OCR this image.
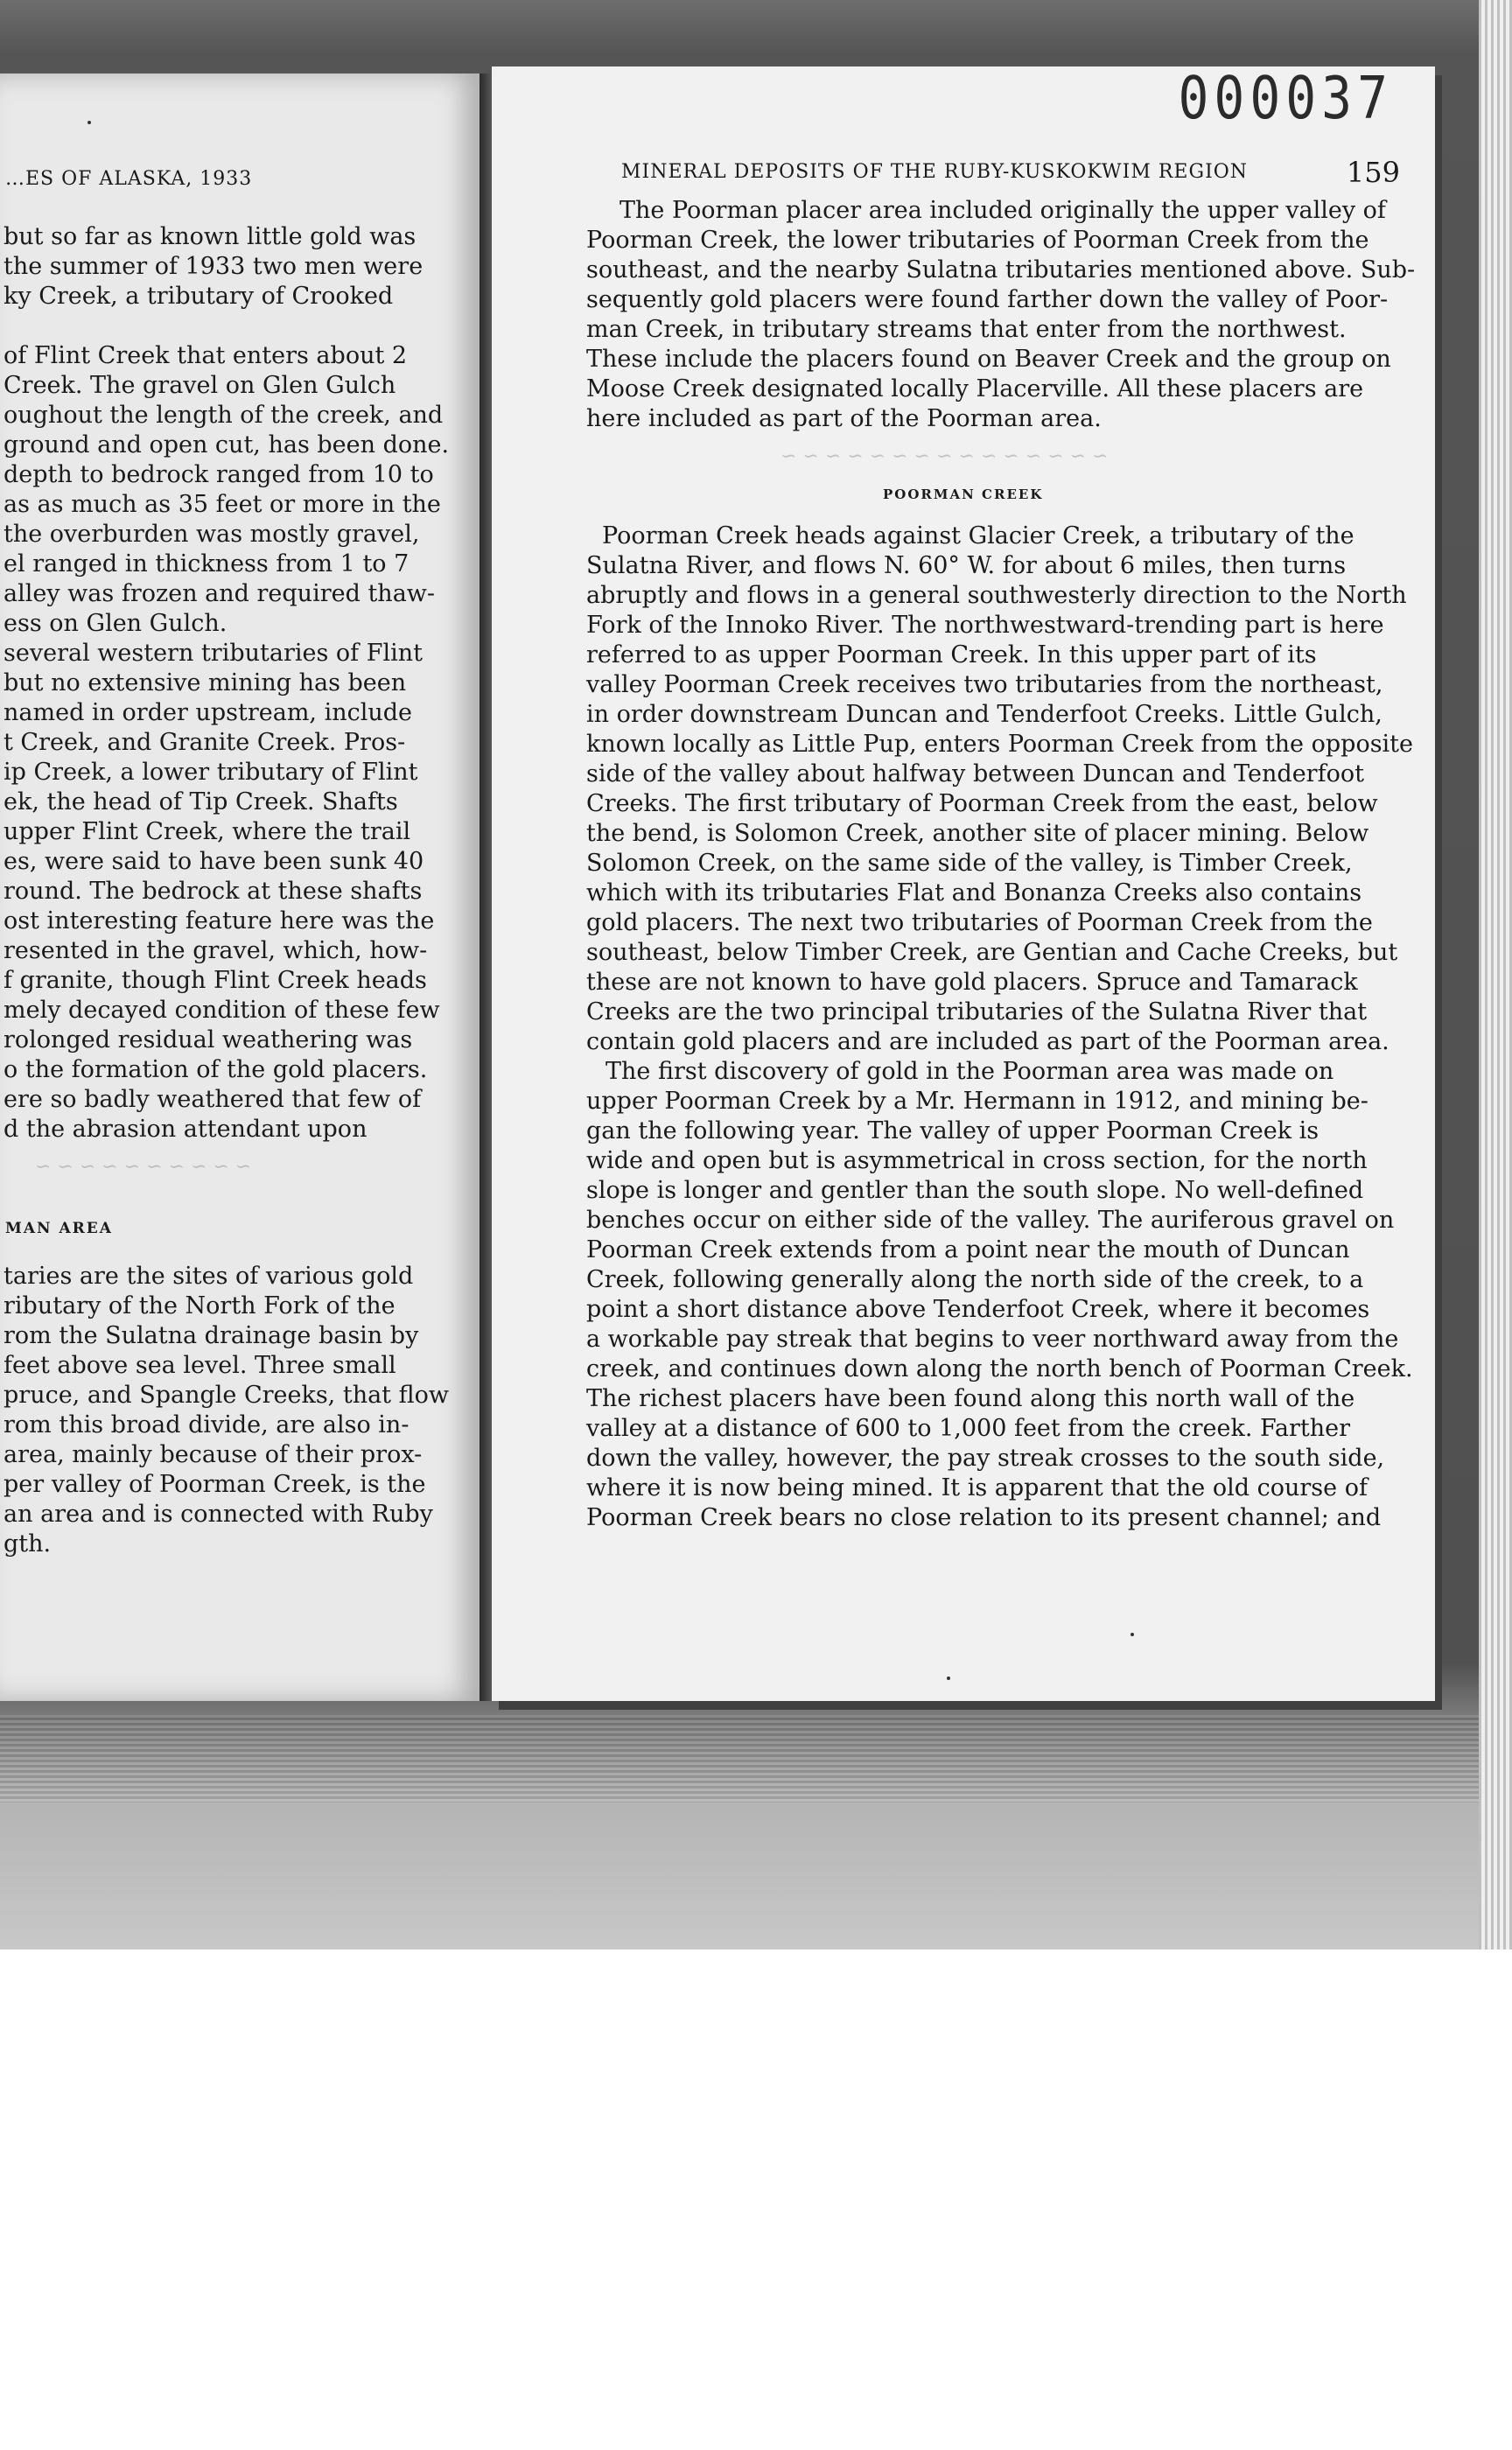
…ES OF ALASKA, 1933
but so far as known little gold was
the summer of 1933 two men were
ky Creek, a tributary of Crooked
of Flint Creek that enters about 2
Creek. The gravel on Glen Gulch
oughout the length of the creek, and
ground and open cut, has been done.
depth to bedrock ranged from 10 to
as as much as 35 feet or more in the
the overburden was mostly gravel,
el ranged in thickness from 1 to 7
alley was frozen and required thaw-
ess on Glen Gulch.
several western tributaries of Flint
but no extensive mining has been
named in order upstream, include
t Creek, and Granite Creek. Pros-
ip Creek, a lower tributary of Flint
ek, the head of Tip Creek. Shafts
upper Flint Creek, where the trail
es, were said to have been sunk 40
round. The bedrock at these shafts
ost interesting feature here was the
resented in the gravel, which, how-
f granite, though Flint Creek heads
mely decayed condition of these few
rolonged residual weathering was
o the formation of the gold placers.
ere so badly weathered that few of
d the abrasion attendant upon
~ ~ ~ ~ ~ ~ ~ ~ ~ ~
MAN AREA
taries are the sites of various gold
ributary of the North Fork of the
rom the Sulatna drainage basin by
feet above sea level. Three small
pruce, and Spangle Creeks, that flow
rom this broad divide, are also in-
area, mainly because of their prox-
per valley of Poorman Creek, is the
an area and is connected with Ruby
gth.
000037
MINERAL DEPOSITS OF THE RUBY-KUSKOKWIM REGION	159
The Poorman placer area included originally the upper valley of
Poorman Creek, the lower tributaries of Poorman Creek from the
southeast, and the nearby Sulatna tributaries mentioned above. Sub-
sequently gold placers were found farther down the valley of Poor-
man Creek, in tributary streams that enter from the northwest.
These include the placers found on Beaver Creek and the group on
Moose Creek designated locally Placerville. All these placers are
here included as part of the Poorman area.
~ ~ ~ ~ ~ ~ ~ ~ ~ ~ ~ ~ ~ ~ ~
POORMAN CREEK
Poorman Creek heads against Glacier Creek, a tributary of the
Sulatna River, and flows N. 60° W. for about 6 miles, then turns
abruptly and flows in a general southwesterly direction to the North
Fork of the Innoko River. The northwestward-trending part is here
referred to as upper Poorman Creek. In this upper part of its
valley Poorman Creek receives two tributaries from the northeast,
in order downstream Duncan and Tenderfoot Creeks. Little Gulch,
known locally as Little Pup, enters Poorman Creek from the opposite
side of the valley about halfway between Duncan and Tenderfoot
Creeks. The first tributary of Poorman Creek from the east, below
the bend, is Solomon Creek, another site of placer mining. Below
Solomon Creek, on the same side of the valley, is Timber Creek,
which with its tributaries Flat and Bonanza Creeks also contains
gold placers. The next two tributaries of Poorman Creek from the
southeast, below Timber Creek, are Gentian and Cache Creeks, but
these are not known to have gold placers. Spruce and Tamarack
Creeks are the two principal tributaries of the Sulatna River that
contain gold placers and are included as part of the Poorman area.
The first discovery of gold in the Poorman area was made on
upper Poorman Creek by a Mr. Hermann in 1912, and mining be-
gan the following year. The valley of upper Poorman Creek is
wide and open but is asymmetrical in cross section, for the north
slope is longer and gentler than the south slope. No well-defined
benches occur on either side of the valley. The auriferous gravel on
Poorman Creek extends from a point near the mouth of Duncan
Creek, following generally along the north side of the creek, to a
point a short distance above Tenderfoot Creek, where it becomes
a workable pay streak that begins to veer northward away from the
creek, and continues down along the north bench of Poorman Creek.
The richest placers have been found along this north wall of the
valley at a distance of 600 to 1,000 feet from the creek. Farther
down the valley, however, the pay streak crosses to the south side,
where it is now being mined. It is apparent that the old course of
Poorman Creek bears no close relation to its present channel; and
